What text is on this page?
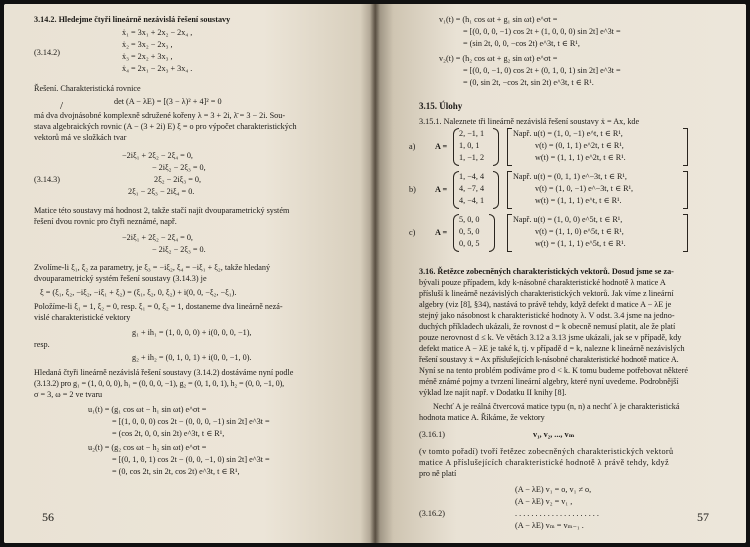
3.14.2. Hledejme čtyři lineárně nezávislá řešení soustavy
ẋ₁ = 3x₁ + 2x₂ − 2x₄ ,
(3.14.2)
ẋ₂ = 3x₂ − 2x₃ ,
ẋ₃ = 2x₂ + 3x₃ ,
ẋ₄ = 2x₁ − 2x₃ + 3x₄ .
Řešení. Charakteristická rovnice
/	det (A − λE) = [(3 − λ)² + 4]² = 0
má dva dvojnásobné komplexně sdružené kořeny λ = 3 + 2i, λ̄ = 3 − 2i. Sou-
stava algebraických rovnic (A − (3 + 2i) E) ξ = o pro výpočet charakteristických
vektorů má ve složkách tvar
−2iξ₁ + 2ξ₂ − 2ξ₄ = 0,
− 2iξ₂ − 2ξ₃ = 0,
(3.14.3)	2ξ₂ − 2iξ₃ = 0,
2ξ₁ − 2ξ₃ − 2iξ₄ = 0.
Matice této soustavy má hodnost 2, takže stačí najít dvouparametrický systém
řešení dvou rovnic pro čtyři neznámé, např.
−2iξ₁ + 2ξ₂ − 2ξ₄ = 0,
− 2iξ₂ − 2ξ₃ = 0.
Zvolíme-li ξ₁, ξ₂ za parametry, je ξ₃ = −iξ₂, ξ₄ = −iξ₁ + ξ₂, takže hledaný
dvouparametrický systém řešení soustavy (3.14.3) je
ξ = (ξ₁, ξ₂, −iξ₂, −iξ₁ + ξ₂) = (ξ₁, ξ₂, 0, ξ₂) + i(0, 0, −ξ₂, −ξ₁).
Položíme-li ξ₁ = 1, ξ₂ = 0, resp. ξ₁ = 0, ξ₂ = 1, dostaneme dva lineárně nezá-
vislé charakteristické vektory
g₁ + ih₁ = (1, 0, 0, 0) + i(0, 0, 0, −1),
resp.
g₂ + ih₂ = (0, 1, 0, 1) + i(0, 0, −1, 0).
Hledaná čtyři lineárně nezávislá řešení soustavy (3.14.2) dostáváme nyní podle
(3.13.2) pro g₁ = (1, 0, 0, 0), h₁ = (0, 0, 0, −1), g₂ = (0, 1, 0, 1), h₂ = (0, 0, −1, 0),
σ = 3, ω = 2 ve tvaru
u₁(t) = (g₁ cos ωt − h₁ sin ωt) e^σt =
= [(1, 0, 0, 0) cos 2t − (0, 0, 0, −1) sin 2t] e^3t =
= (cos 2t, 0, 0, sin 2t) e^3t, t ∈ R¹,
u₂(t) = (g₂ cos ωt − h₂ sin ωt) e^σt =
= [(0, 1, 0, 1) cos 2t − (0, 0, −1, 0) sin 2t] e^3t =
= (0, cos 2t, sin 2t, cos 2t) e^3t, t ∈ R¹,
56
v₁(t) = (h₁ cos ωt + g₁ sin ωt) e^σt =
= [(0, 0, 0, −1) cos 2t + (1, 0, 0, 0) sin 2t] e^3t =
= (sin 2t, 0, 0, −cos 2t) e^3t, t ∈ R¹,
v₂(t) = (h₂ cos ωt + g₂ sin ωt) e^σt =
= [(0, 0, −1, 0) cos 2t + (0, 1, 0, 1) sin 2t] e^3t =
= (0, sin 2t, −cos 2t, sin 2t) e^3t, t ∈ R¹.
3.15. Úlohy
3.15.1. Naleznete tři lineárně nezávislá řešení soustavy ẋ = Ax, kde
a) A =
2, −1, 1
1, 0, 1
1, −1, 2
Např. u(t) = (1, 0, −1) e^t, t ∈ R¹,
v(t) = (0, 1, 1) e^2t, t ∈ R¹,
w(t) = (1, 1, 1) e^2t, t ∈ R¹.
b) A =
1, −4, 4
4, −7, 4
4, −4, 1
Např. u(t) = (0, 1, 1) e^−3t, t ∈ R¹,
v(t) = (1, 0, −1) e^−3t, t ∈ R¹,
w(t) = (1, 1, 1) e^t, t ∈ R¹.
c) A =
5, 0, 0
0, 5, 0
0, 0, 5
Např. u(t) = (1, 0, 0) e^5t, t ∈ R¹,
v(t) = (1, 1, 0) e^5t, t ∈ R¹,
w(t) = (1, 1, 1) e^5t, t ∈ R¹.
3.16. Řetězce zobecněných charakteristických vektorů. Dosud jsme se za-
bývali pouze případem, kdy k-násobné charakteristické hodnotě λ matice A
přísluší k lineárně nezávislých charakteristických vektorů. Jak víme z lineární
algebry (viz [8], §34), nastává to právě tehdy, když defekt d matice A − λE je
stejný jako násobnost k charakteristické hodnoty λ. V odst. 3.4 jsme na jedno-
duchých příkladech ukázali, že rovnost d = k obecně nemusí platit, ale že platí
pouze nerovnost d ≤ k. Ve větách 3.12 a 3.13 jsme ukázali, jak se v případě, kdy
defekt matice A − λE je také k, tj. v případě d = k, nalezne k lineárně nezávislých
řešení soustavy ẋ = Ax příslušejících k-násobné charakteristické hodnotě matice A.
Nyní se na tento problém podíváme pro d < k. K tomu budeme potřebovat některé
méně známé pojmy a tvrzení lineární algebry, které nyní uvedeme. Podrobnější
výklad lze najít např. v Dodatku II knihy [8].
Nechť A je reálná čtvercová matice typu (n, n) a nechť λ je charakteristická
hodnota matice A. Říkáme, že vektory
(3.16.1)	v₁, v₂, ..., vₘ
(v tomto pořadí) tvoří řetězec zobecněných charakteristických vektorů
matice A příslušejících charakteristické hodnotě λ právě tehdy, když
pro ně platí
(A − λE) v₁ = o, v₁ ≠ o,
(A − λE) v₂ = v₁ ,
(3.16.2)	. . . . . . . . . . . . . . . . . . . . .
(A − λE) vₘ = vₘ₋₁ .
57
